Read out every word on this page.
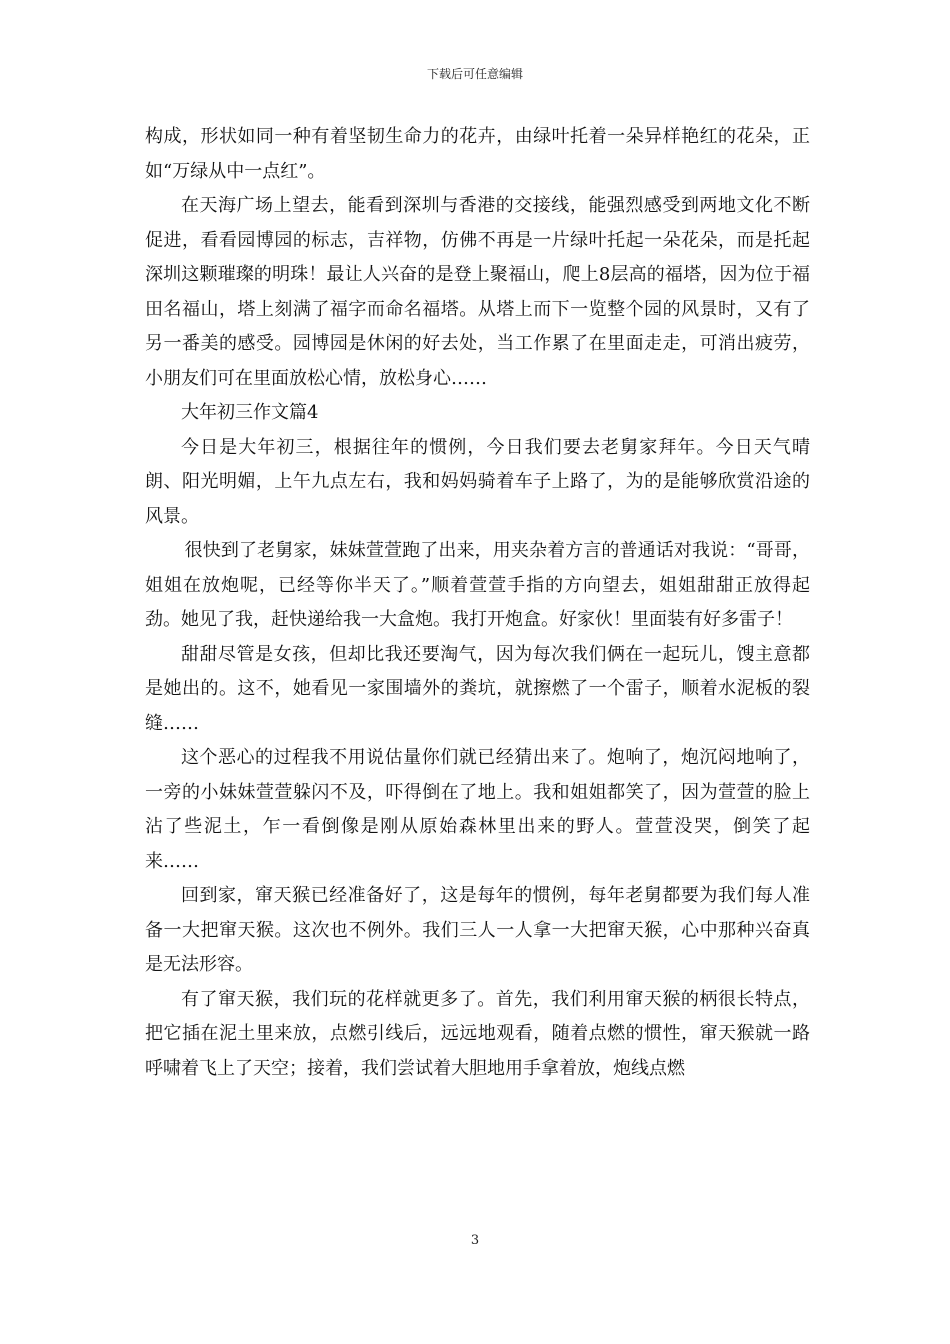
下载后可任意编辑

构成，形状如同一种有着坚韧生命力的花卉，由绿叶托着一朵异样艳红的花朵，正如“万绿从中一点红”。

在天海广场上望去，能看到深圳与香港的交接线，能强烈感受到两地文化不断促进，看看园博园的标志，吉祥物，仿佛不再是一片绿叶托起一朵花朵，而是托起深圳这颗璀璨的明珠！最让人兴奋的是登上聚福山，爬上8层高的福塔，因为位于福田名福山，塔上刻满了福字而命名福塔。从塔上而下一览整个园的风景时，又有了另一番美的感受。园博园是休闲的好去处，当工作累了在里面走走，可消出疲劳，小朋友们可在里面放松心情，放松身心……

大年初三作文篇4

今日是大年初三，根据往年的惯例，今日我们要去老舅家拜年。今日天气晴朗、阳光明媚，上午九点左右，我和妈妈骑着车子上路了，为的是能够欣赏沿途的风景。

很快到了老舅家，妹妹萱萱跑了出来，用夹杂着方言的普通话对我说：“哥哥，姐姐在放炮呢，已经等你半天了。”顺着萱萱手指的方向望去，姐姐甜甜正放得起劲。她见了我，赶快递给我一大盒炮。我打开炮盒。好家伙！里面装有好多雷子！

甜甜尽管是女孩，但却比我还要淘气，因为每次我们俩在一起玩儿，馊主意都是她出的。这不，她看见一家围墙外的粪坑，就擦燃了一个雷子，顺着水泥板的裂缝……

这个恶心的过程我不用说估量你们就已经猜出来了。炮响了，炮沉闷地响了，一旁的小妹妹萱萱躲闪不及，吓得倒在了地上。我和姐姐都笑了，因为萱萱的脸上沾了些泥土，乍一看倒像是刚从原始森林里出来的野人。萱萱没哭，倒笑了起来……

回到家，窜天猴已经准备好了，这是每年的惯例，每年老舅都要为我们每人准备一大把窜天猴。这次也不例外。我们三人一人拿一大把窜天猴，心中那种兴奋真是无法形容。

有了窜天猴，我们玩的花样就更多了。首先，我们利用窜天猴的柄很长特点，把它插在泥土里来放，点燃引线后，远远地观看，随着点燃的惯性，窜天猴就一路呼啸着飞上了天空；接着，我们尝试着大胆地用手拿着放，炮线点燃

3
